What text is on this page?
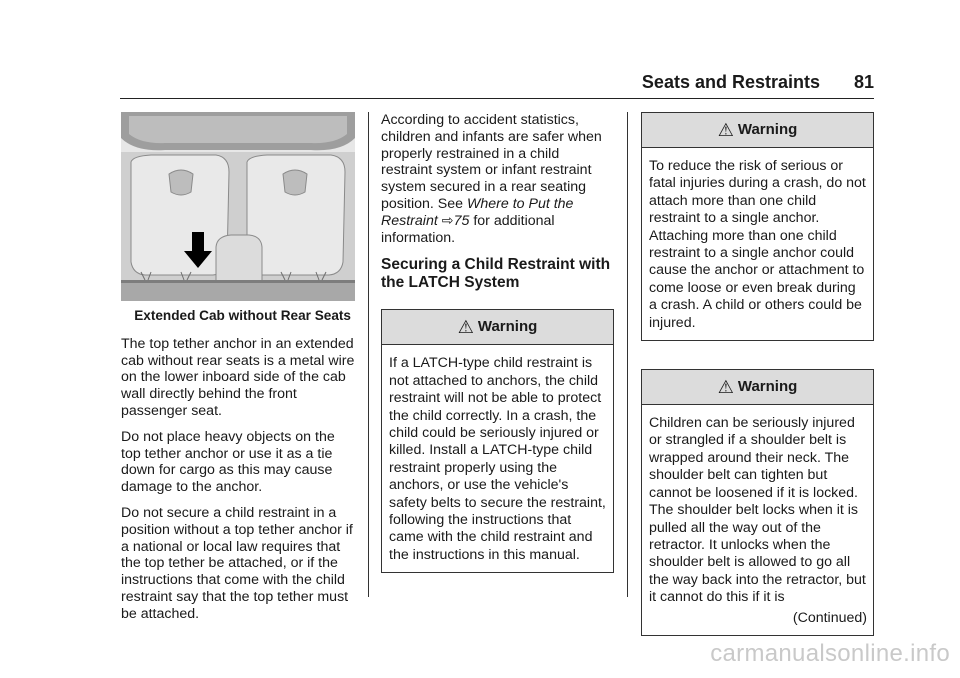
Seats and Restraints 81
Extended Cab without Rear Seats

The top tether anchor in an extended cab without rear seats is a metal wire on the lower inboard side of the cab wall directly behind the front passenger seat.

Do not place heavy objects on the top tether anchor or use it as a tie down for cargo as this may cause damage to the anchor.

Do not secure a child restraint in a position without a top tether anchor if a national or local law requires that the top tether be attached, or if the instructions that come with the child restraint say that the top tether must be attached.

According to accident statistics, children and infants are safer when properly restrained in a child restraint system or infant restraint system secured in a rear seating position. See Where to Put the Restraint ⇨75 for additional information.

Securing a Child Restraint with the LATCH System
⚠ Warning

If a LATCH-type child restraint is not attached to anchors, the child restraint will not be able to protect the child correctly. In a crash, the child could be seriously injured or killed. Install a LATCH-type child restraint properly using the anchors, or use the vehicle's safety belts to secure the restraint, following the instructions that came with the child restraint and the instructions in this manual.

⚠ Warning

To reduce the risk of serious or fatal injuries during a crash, do not attach more than one child restraint to a single anchor. Attaching more than one child restraint to a single anchor could cause the anchor or attachment to come loose or even break during a crash. A child or others could be injured.

⚠ Warning

Children can be seriously injured or strangled if a shoulder belt is wrapped around their neck. The shoulder belt can tighten but cannot be loosened if it is locked. The shoulder belt locks when it is pulled all the way out of the retractor. It unlocks when the shoulder belt is allowed to go all the way back into the retractor, but it cannot do this if it is

(Continued)

carmanualsonline.info
